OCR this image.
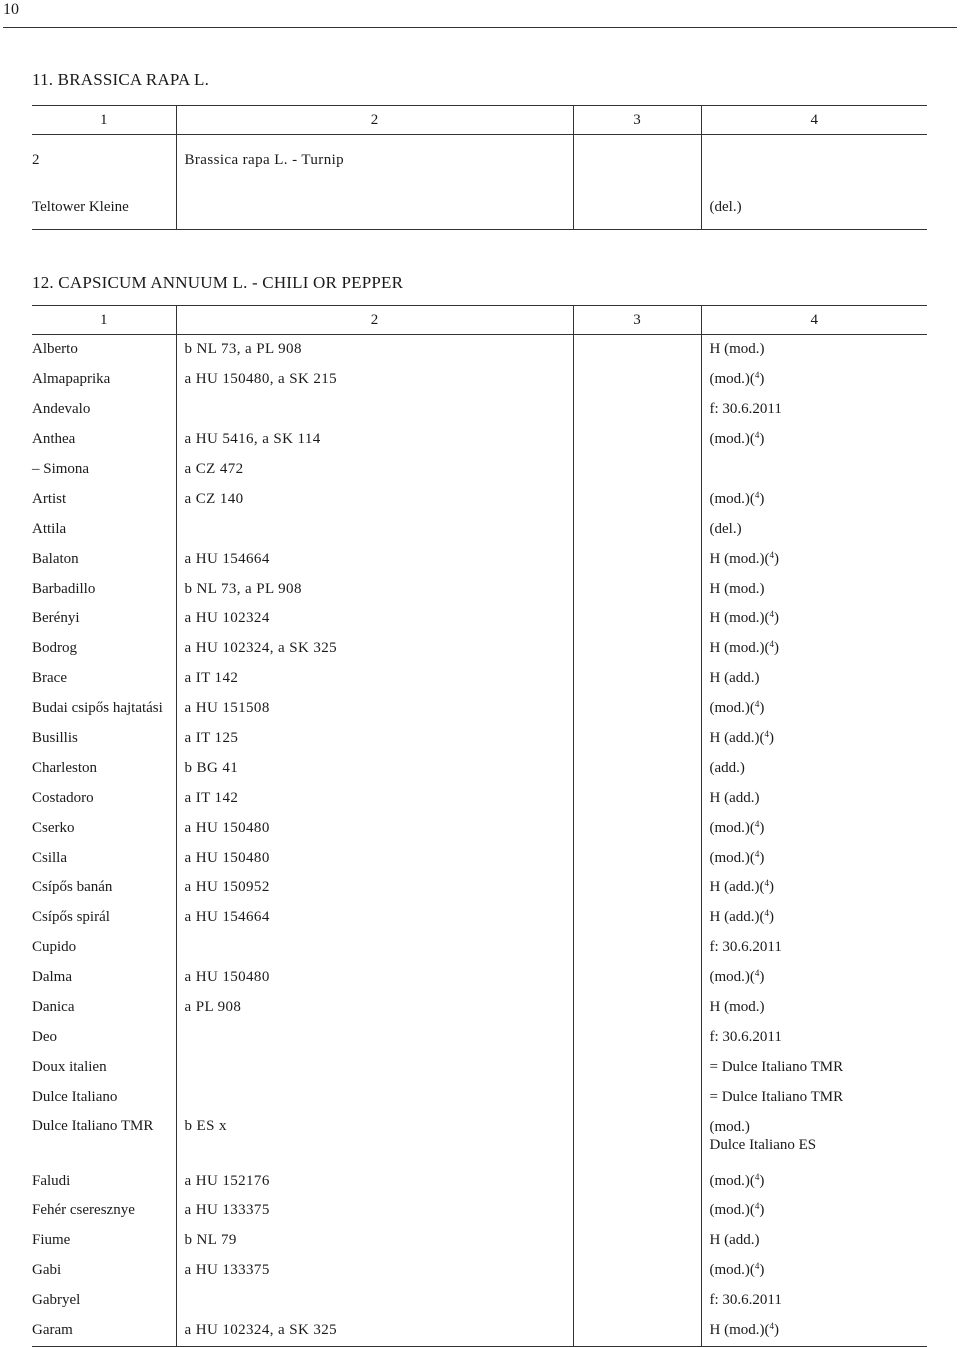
10
11. BRASSICA RAPA L.
1	2	3	4
2	Brassica rapa L. - Turnip		
Teltower Kleine			(del.)
12. CAPSICUM ANNUUM L. - CHILI OR PEPPER
1	2	3	4
Alberto	b NL 73, a PL 908		H (mod.)
Almapaprika	a HU 150480, a SK 215		(mod.)($^4$)
Andevalo			f: 30.6.2011
Anthea	a HU 5416, a SK 114		(mod.)($^4$)
– Simona	a CZ 472		
Artist	a CZ 140		(mod.)($^4$)
Attila			(del.)
Balaton	a HU 154664		H (mod.)($^4$)
Barbadillo	b NL 73, a PL 908		H (mod.)
Berényi	a HU 102324		H (mod.)($^4$)
Bodrog	a HU 102324, a SK 325		H (mod.)($^4$)
Brace	a IT 142		H (add.)
Budai csipős hajtatási	a HU 151508		(mod.)($^4$)
Busillis	a IT 125		H (add.)($^4$)
Charleston	b BG 41		(add.)
Costadoro	a IT 142		H (add.)
Cserko	a HU 150480		(mod.)($^4$)
Csilla	a HU 150480		(mod.)($^4$)
Csípős banán	a HU 150952		H (add.)($^4$)
Csípős spirál	a HU 154664		H (add.)($^4$)
Cupido			f: 30.6.2011
Dalma	a HU 150480		(mod.)($^4$)
Danica	a PL 908		H (mod.)
Deo			f: 30.6.2011
Doux italien			= Dulce Italiano TMR
Dulce Italiano			= Dulce Italiano TMR
Dulce Italiano TMR	b ES x		(mod.)
Dulce Italiano ES
Faludi	a HU 152176		(mod.)($^4$)
Fehér cseresznye	a HU 133375		(mod.)($^4$)
Fiume	b NL 79		H (add.)
Gabi	a HU 133375		(mod.)($^4$)
Gabryel			f: 30.6.2011
Garam	a HU 102324, a SK 325		H (mod.)($^4$)
